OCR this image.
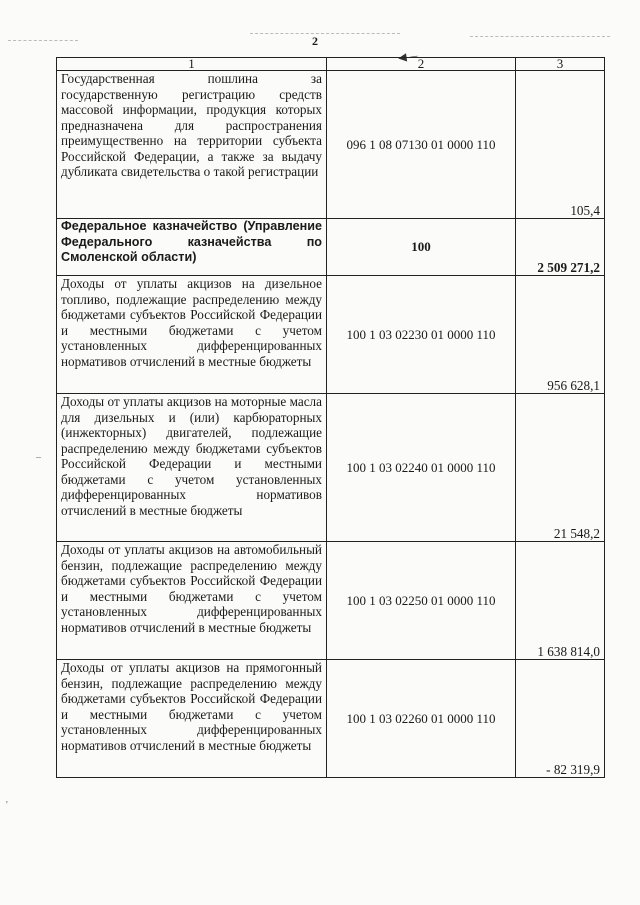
–
'
2
◀—
1	2	3
Государственная пошлина за государственную регистрацию средств массовой информации, продукция которых предназначена для распространения преимущественно на территории субъекта Российской Федерации, а также за выдачу дубликата свидетельства о такой регистрации	096 1 08 07130 01 0000 110	105,4
Федеральное казначейство (Управление Федерального казначейства по Смоленской области)	100	2 509 271,2
Доходы от уплаты акцизов на дизельное топливо, подлежащие распределению между бюджетами субъектов Российской Федерации и местными бюджетами с учетом установленных дифференцированных нормативов отчислений в местные бюджеты	100 1 03 02230 01 0000 110	956 628,1
Доходы от уплаты акцизов на моторные масла для дизельных и (или) карбюраторных (инжекторных) двигателей, подлежащие распределению между бюджетами субъектов Российской Федерации и местными бюджетами с учетом установленных дифференцированных нормативов отчислений в местные бюджеты	100 1 03 02240 01 0000 110	21 548,2
Доходы от уплаты акцизов на автомобильный бензин, подлежащие распределению между бюджетами субъектов Российской Федерации и местными бюджетами с учетом установленных дифференцированных нормативов отчислений в местные бюджеты	100 1 03 02250 01 0000 110	1 638 814,0
Доходы от уплаты акцизов на прямогонный бензин, подлежащие распределению между бюджетами субъектов Российской Федерации и местными бюджетами с учетом установленных дифференцированных нормативов отчислений в местные бюджеты	100 1 03 02260 01 0000 110	- 82 319,9
